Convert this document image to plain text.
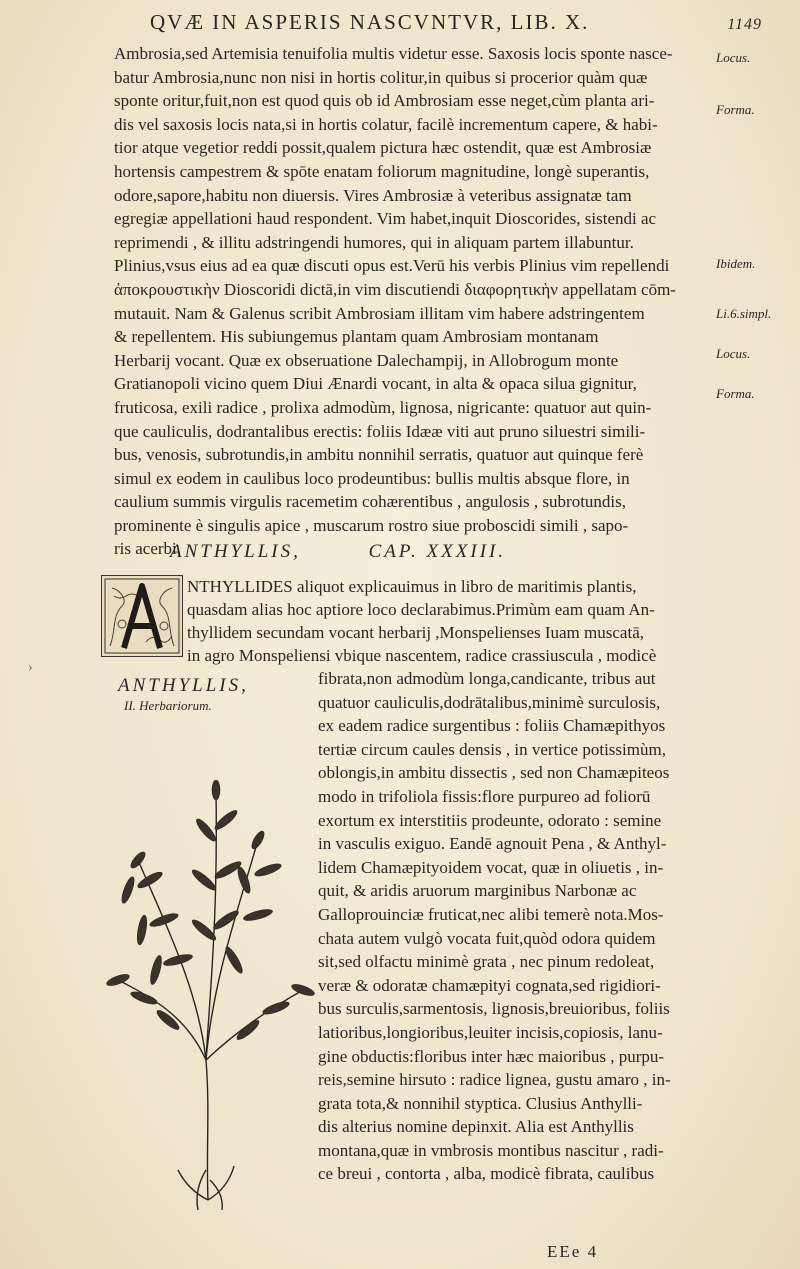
QVÆ IN ASPERIS NASCVNTVR, LIB. X.	1149
Ambrosia,sed Artemisia tenuifolia multis videtur esse. Saxosis locis sponte nasce-
batur Ambrosia,nunc non nisi in hortis colitur,in quibus si procerior quàm quæ
sponte oritur,fuit,non est quod quis ob id Ambrosiam esse neget,cùm planta ari-
dis vel saxosis locis nata,si in hortis colatur, facilè incrementum capere, & habi-
tior atque vegetior reddi possit,qualem pictura hæc ostendit, quæ est Ambrosiæ
hortensis campestrem & spōte enatam foliorum magnitudine, longè superantis,
odore,sapore,habitu non diuersis. Vires Ambrosiæ à veteribus assignatæ tam
egregiæ appellationi haud respondent. Vim habet,inquit Dioscorides, sistendi ac
reprimendi , & illitu adstringendi humores, qui in aliquam partem illabuntur.
Plinius,vsus eius ad ea quæ discuti opus est.Verū his verbis Plinius vim repellendi
ἀποκρουστικὴν Dioscoridi dictā,in vim discutiendi διαφορητικὴν appellatam cōm-
mutauit. Nam & Galenus scribit Ambrosiam illitam vim habere adstringentem
& repellentem. His subiungemus plantam quam Ambrosiam montanam
Herbarij vocant. Quæ ex obseruatione Dalechampij, in Allobrogum monte
Gratianopoli vicino quem Diui Ænardi vocant, in alta & opaca silua gignitur,
fruticosa, exili radice , prolixa admodùm, lignosa, nigricante: quatuor aut quin-
que cauliculis, dodrantalibus erectis: foliis Idææ viti aut pruno siluestri simili-
bus, venosis, subrotundis,in ambitu nonnihil serratis, quatuor aut quinque ferè
simul ex eodem in caulibus loco prodeuntibus: bullis multis absque flore, in
caulium summis virgulis racemetim cohærentibus , angulosis , subrotundis,
prominente è singulis apice , muscarum rostro siue proboscidi simili , sapo-
ris acerbi.
Locus.
Forma.
Ibidem.
Li.6.simpl.
Locus.
Forma.
ANTHYLLIS,	CAP. XXXIII.
NTHYLLIDES aliquot explicauimus in libro de maritimis plantis,
quasdam alias hoc aptiore loco declarabimus.Primùm eam quam An-
thyllidem secundam vocant herbarij ,Monspelienses Iuam muscatā,
in agro Monspeliensi vbique nascentem, radice crassiuscula , modicè
ANTHYLLIS,
II. Herbariorum.
fibrata,non admodùm longa,candicante, tribus aut
quatuor cauliculis,dodrātalibus,minimè surculosis,
ex eadem radice surgentibus : foliis Chamæpithyos
tertiæ circum caules densis , in vertice potissimùm,
oblongis,in ambitu dissectis , sed non Chamæpiteos
modo in trifoliola fissis:flore purpureo ad foliorū
exortum ex interstitiis prodeunte, odorato : semine
in vasculis exiguo. Eandē agnouit Pena , & Anthyl-
lidem Chamæpityoidem vocat, quæ in oliuetis , in-
quit, & aridis aruorum marginibus Narbonæ ac
Galloprouinciæ fruticat,nec alibi temerè nota.Mos-
chata autem vulgò vocata fuit,quòd odora quidem
sit,sed olfactu minimè grata , nec pinum redoleat,
veræ & odoratæ chamæpityi cognata,sed rigidiori-
bus surculis,sarmentosis, lignosis,breuioribus, foliis
latioribus,longioribus,leuiter incisis,copiosis, lanu-
gine obductis:floribus inter hæc maioribus , purpu-
reis,semine hirsuto : radice lignea, gustu amaro , in-
grata tota,& nonnihil styptica. Clusius Anthylli-
dis alterius nomine depinxit. Alia est Anthyllis
montana,quæ in vmbrosis montibus nascitur , radi-
ce breui , contorta , alba, modicè fibrata, caulibus
EEe 4
›
